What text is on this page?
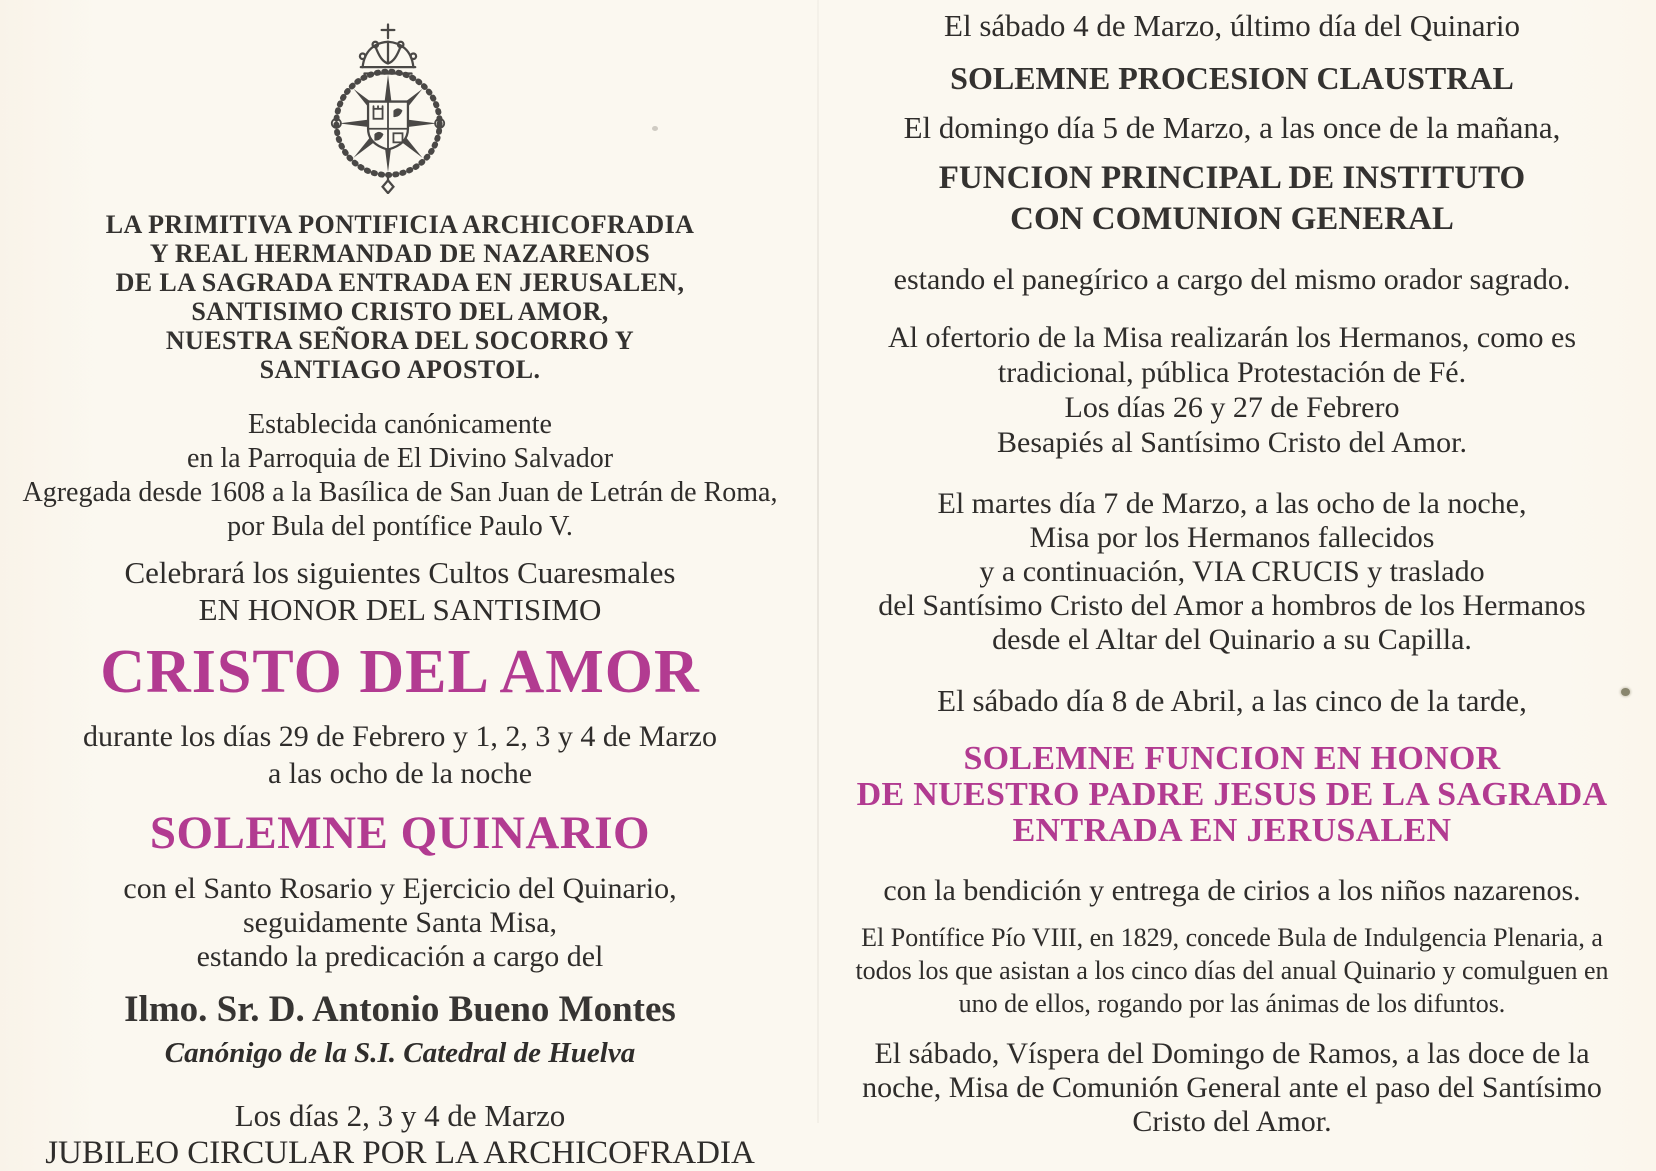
LA PRIMITIVA PONTIFICIA ARCHICOFRADIA
Y REAL HERMANDAD DE NAZARENOS
DE LA SAGRADA ENTRADA EN JERUSALEN,
SANTISIMO CRISTO DEL AMOR,
NUESTRA SEÑORA DEL SOCORRO Y
SANTIAGO APOSTOL.
Establecida canónicamente
en la Parroquia de El Divino Salvador
Agregada desde 1608 a la Basílica de San Juan de Letrán de Roma,
por Bula del pontífice Paulo V.
Celebrará los siguientes Cultos Cuaresmales
EN HONOR DEL SANTISIMO
CRISTO DEL AMOR
durante los días 29 de Febrero y 1, 2, 3 y 4 de Marzo
a las ocho de la noche
SOLEMNE QUINARIO
con el Santo Rosario y Ejercicio del Quinario,
seguidamente Santa Misa,
estando la predicación a cargo del
Ilmo. Sr. D. Antonio Bueno Montes
Canónigo de la S.I. Catedral de Huelva
Los días 2, 3 y 4 de Marzo
JUBILEO CIRCULAR POR LA ARCHICOFRADIA
El sábado 4 de Marzo, último día del Quinario
SOLEMNE PROCESION CLAUSTRAL
El domingo día 5 de Marzo, a las once de la mañana,
FUNCION PRINCIPAL DE INSTITUTO
CON COMUNION GENERAL
estando el panegírico a cargo del mismo orador sagrado.
Al ofertorio de la Misa realizarán los Hermanos, como es
tradicional, pública Protestación de Fé.
Los días 26 y 27 de Febrero
Besapiés al Santísimo Cristo del Amor.
El martes día 7 de Marzo, a las ocho de la noche,
Misa por los Hermanos fallecidos
y a continuación, VIA CRUCIS y traslado
del Santísimo Cristo del Amor a hombros de los Hermanos
desde el Altar del Quinario a su Capilla.
El sábado día 8 de Abril, a las cinco de la tarde,
SOLEMNE FUNCION EN HONOR
DE NUESTRO PADRE JESUS DE LA SAGRADA
ENTRADA EN JERUSALEN
con la bendición y entrega de cirios a los niños nazarenos.
El Pontífice Pío VIII, en 1829, concede Bula de Indulgencia Plenaria, a
todos los que asistan a los cinco días del anual Quinario y comulguen en
uno de ellos, rogando por las ánimas de los difuntos.
El sábado, Víspera del Domingo de Ramos, a las doce de la
noche, Misa de Comunión General ante el paso del Santísimo
Cristo del Amor.
